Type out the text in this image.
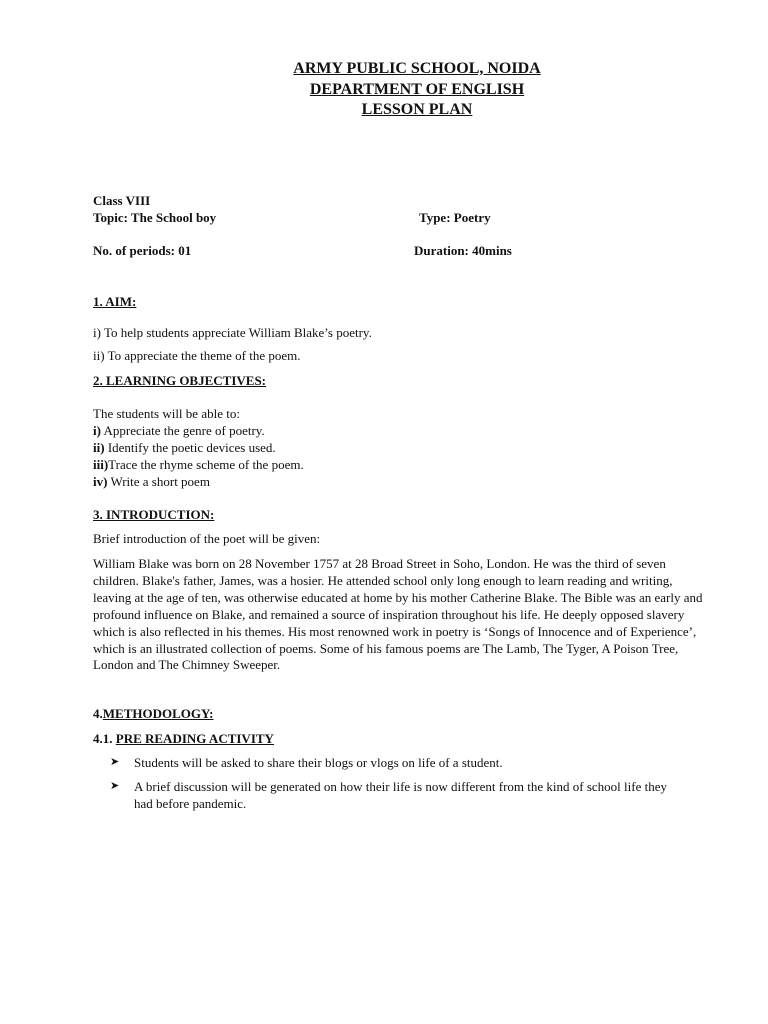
ARMY PUBLIC SCHOOL, NOIDA
DEPARTMENT OF ENGLISH
LESSON PLAN
Class VIII
Topic: The School boy	Type: Poetry
No. of periods: 01	Duration: 40mins
1. AIM:
i) To help students appreciate William Blake’s poetry.
ii) To appreciate the theme of the poem.
2. LEARNING OBJECTIVES:
The students will be able to:
i) Appreciate the genre of poetry.
ii) Identify the poetic devices used.
iii)Trace the rhyme scheme of the poem.
iv) Write a short poem
3. INTRODUCTION:
Brief introduction of the poet will be given:
William Blake was born on 28 November 1757 at 28 Broad Street in Soho, London. He was the third of seven children. Blake's father, James, was a hosier. He attended school only long enough to learn reading and writing, leaving at the age of ten, was otherwise educated at home by his mother Catherine Blake. The Bible was an early and profound influence on Blake, and remained a source of inspiration throughout his life. He deeply opposed slavery which is also reflected in his themes. His most renowned work in poetry is ‘Songs of Innocence and of Experience’, which is an illustrated collection of poems. Some of his famous poems are The Lamb, The Tyger, A Poison Tree, London and The Chimney Sweeper.
4.METHODOLOGY:
4.1. PRE READING ACTIVITY
➤	Students will be asked to share their blogs or vlogs on life of a student.
➤	A brief discussion will be generated on how their life is now different from the kind of school life they had before pandemic.
